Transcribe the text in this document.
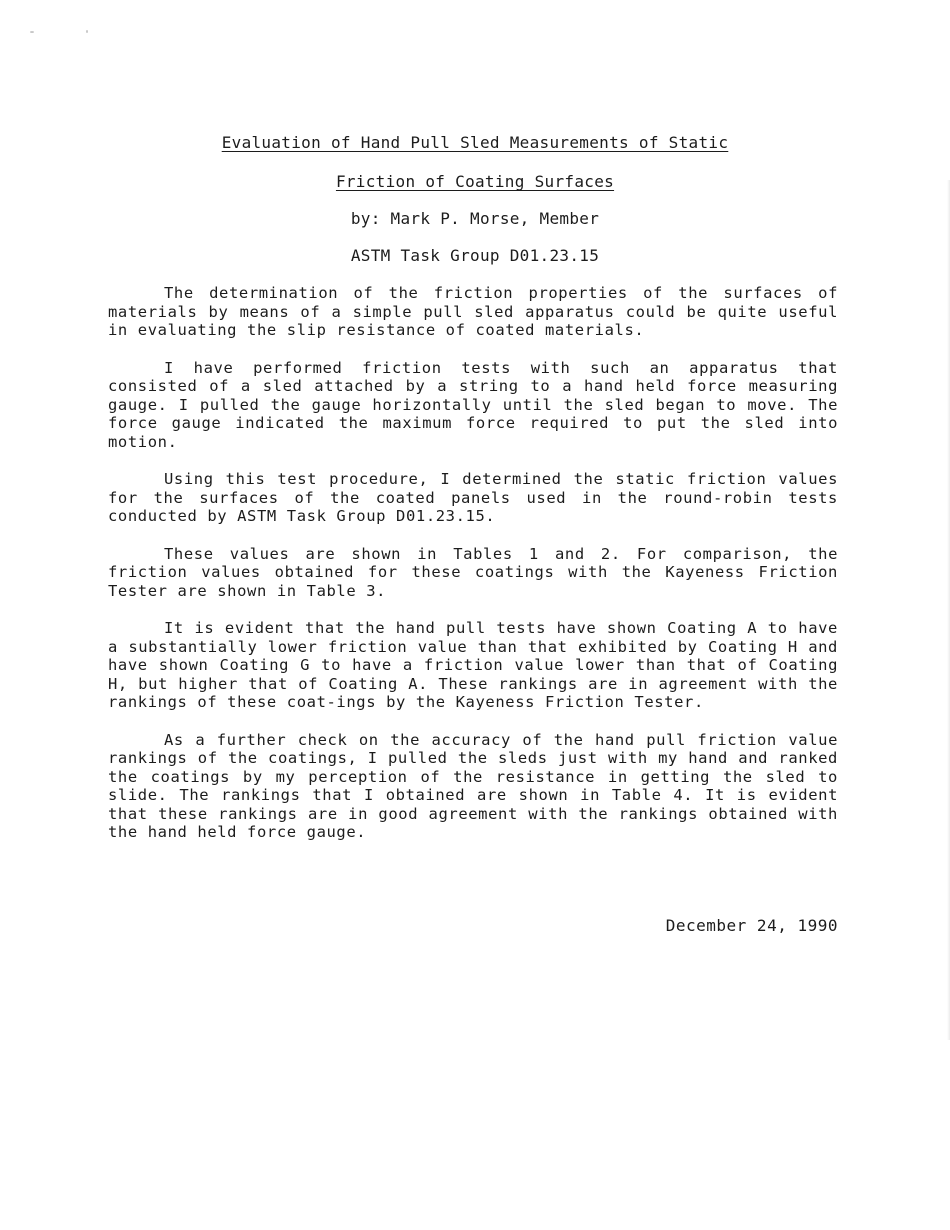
Evaluation of Hand Pull Sled Measurements of Static
Friction of Coating Surfaces
by: Mark P. Morse, Member
ASTM Task Group D01.23.15

The determination of the friction properties of the surfaces of materials by means of a simple pull sled apparatus could be quite useful in evaluating the slip resistance of coated materials.

I have performed friction tests with such an apparatus that consisted of a sled attached by a string to a hand held force measuring gauge. I pulled the gauge horizontally until the sled began to move. The force gauge indicated the maximum force required to put the sled into motion.

Using this test procedure, I determined the static friction values for the surfaces of the coated panels used in the round-robin tests conducted by ASTM Task Group D01.23.15.

These values are shown in Tables 1 and 2. For comparison, the friction values obtained for these coatings with the Kayeness Friction Tester are shown in Table 3.

It is evident that the hand pull tests have shown Coating A to have a substantially lower friction value than that exhibited by Coating H and have shown Coating G to have a friction value lower than that of Coating H, but higher that of Coating A. These rankings are in agreement with the rankings of these coat-ings by the Kayeness Friction Tester.

As a further check on the accuracy of the hand pull friction value rankings of the coatings, I pulled the sleds just with my hand and ranked the coatings by my perception of the resistance in getting the sled to slide. The rankings that I obtained are shown in Table 4. It is evident that these rankings are in good agreement with the rankings obtained with the hand held force gauge.

December 24, 1990
